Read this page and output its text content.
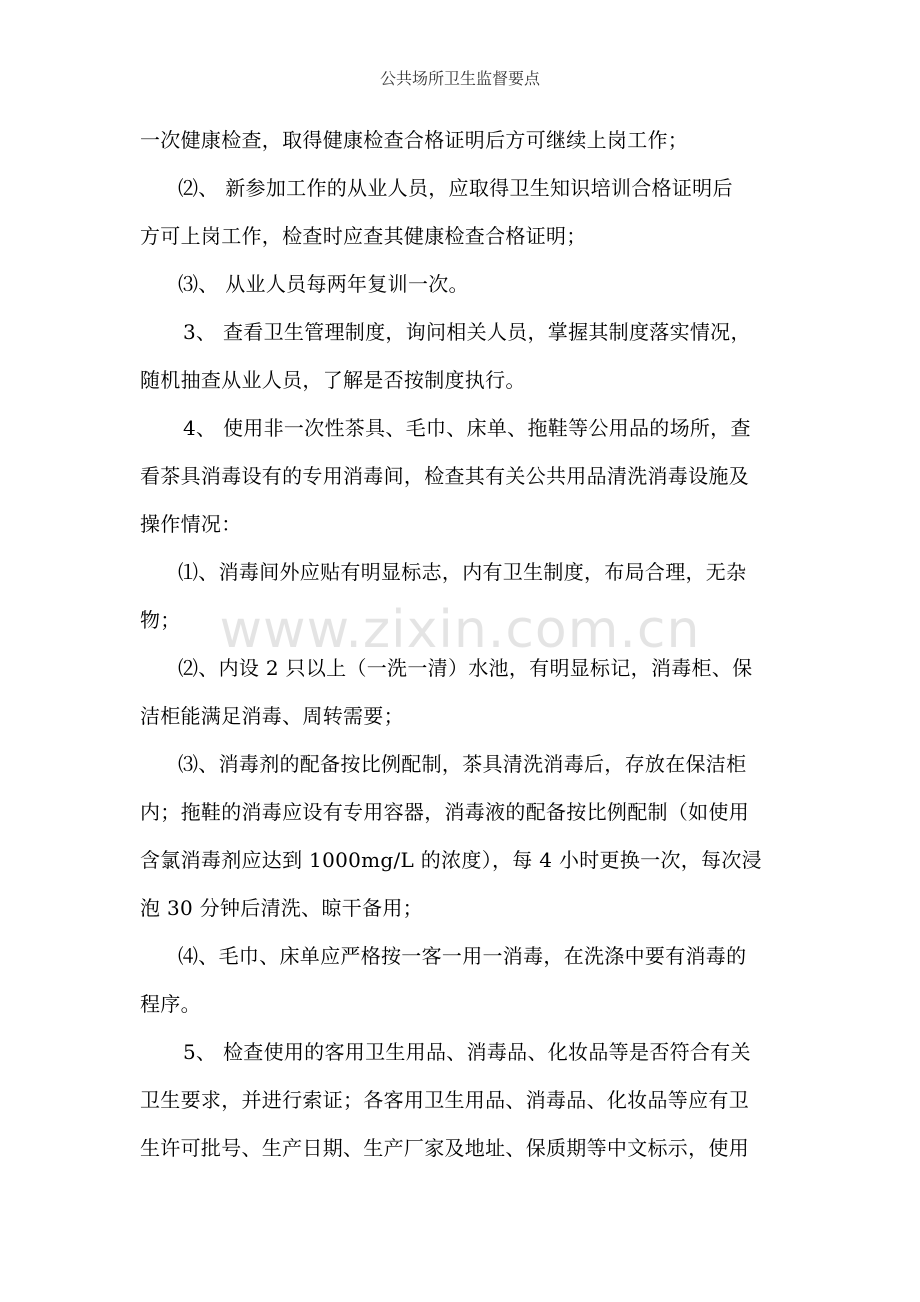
公共场所卫生监督要点
一次健康检查，取得健康检查合格证明后方可继续上岗工作；
⑵、 新参加工作的从业人员，应取得卫生知识培训合格证明后
方可上岗工作，检查时应查其健康检查合格证明；
⑶、 从业人员每两年复训一次。
3、 查看卫生管理制度，询问相关人员，掌握其制度落实情况，
随机抽查从业人员，了解是否按制度执行。
4、 使用非一次性茶具、毛巾、床单、拖鞋等公用品的场所，查
看茶具消毒设有的专用消毒间，检查其有关公共用品清洗消毒设施及
操作情况：
⑴、消毒间外应贴有明显标志，内有卫生制度，布局合理，无杂
物；
⑵、内设 2 只以上（一洗一清）水池，有明显标记，消毒柜、保
洁柜能满足消毒、周转需要；
⑶、消毒剂的配备按比例配制，茶具清洗消毒后，存放在保洁柜
内；拖鞋的消毒应设有专用容器，消毒液的配备按比例配制（如使用
含氯消毒剂应达到 1000mg/L 的浓度），每 4 小时更换一次，每次浸
泡 30 分钟后清洗、晾干备用；
⑷、毛巾、床单应严格按一客一用一消毒，在洗涤中要有消毒的
程序。
5、 检查使用的客用卫生用品、消毒品、化妆品等是否符合有关
卫生要求，并进行索证；各客用卫生用品、消毒品、化妆品等应有卫
生许可批号、生产日期、生产厂家及地址、保质期等中文标示，使用
www.zixin.com.cn
